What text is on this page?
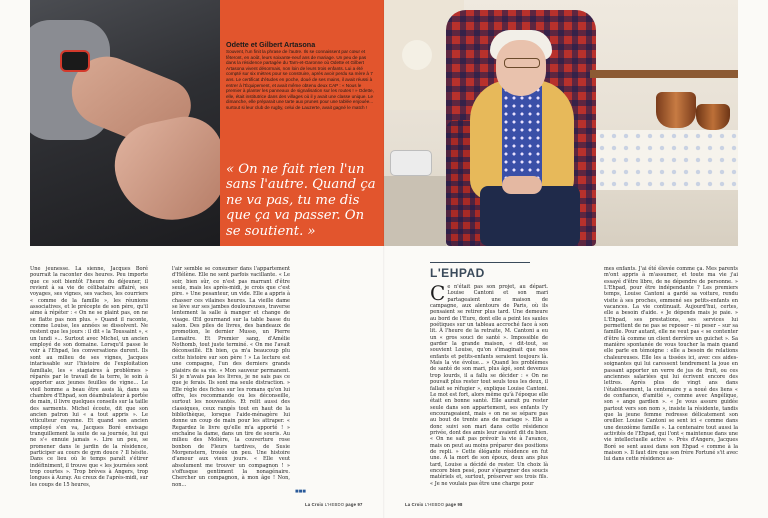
Odette et Gilbert Artasona
Souvent, l'un finit la phrase de l'autre. Ils se connaissent par cœur et fêteront, en août, leurs soixante-neuf ans de mariage. Un peu de pas dans la résidence partagée du Tarn-et-Garonne où Odette et Gilbert Artasona vivent désormais, non loin de leurs trois enfants. Lui a été compté sur six mètres pour se construire, après avoir perdu sa mère à 7 ans. Le certificat d'études en poche, doué de ses mains, il avait réussi à entrer à l'Équipement, et avait même obtenu deux CAP : « Nous le premier à planter les panneaux de signalisation sur les routes ! » Odette, elle, était institutrice dans des villages où il y avait une classe unique. Le dimanche, elle préparait une tarte aux prunes pour une tablée enjouée... surtout si leur club de rugby, celui de Lauzerte, avait gagné le match !
« On ne fait rien l'un sans l'autre. Quand ça ne va pas, tu me dis que ça va passer. On se soutient. »

Une jeunesse. La sienne, Jacques Boré pourrait la raconter des heures. Peu importe que ce soit bientôt l'heure du déjeuner, il revient à sa vie de célibataire affairé, ses voyages, ses vignes, ses vaches, les courriers « comme de la famille », les réunions associatives, et le précepte de son père, qu'il aime à répéter : « On ne se plaint pas, on ne se flatte pas non plus. » Quand il raconte, comme Louise, les années se dissolvent. Ne restent que les jours : il dit « la Toussaint », « un lundi »... Surtout avec Michel, un ancien employé de son domaine. Lorsqu'il passe le voir à l'Ehpad, les conversations durent. Ils sont au milieu de ses vignes, Jacques intarissable sur l'histoire de l'exploitation familiale, les « stagiaires à problèmes » réparés par le travail de la terre, le soin à apporter aux jeunes feuilles de vigne... Le vieil homme a beau être assis là, dans sa chambre d'Ehpad, son déambulateur à portée de main, il livre quelques conseils sur la taille des sarments. Michel écoute, dit que son ancien patron lui « a tout appris ». Le viticulteur rayonne. Et quand son ancien employé s'en va, Jacques Boré envisage tranquillement la suite de sa journée, lui qui ne s'« ennuie jamais ». Lire un peu, se promener dans le jardin de la résidence, participer au cours de gym douce ? Il hésite. Dans ce lieu où le temps paraît s'étirer indéfiniment, il trouve que « les journées sont trop courtes ». Trop brèves à Angers, trop longues à Auray. Au creux de l'après-midi, sur les coups de 15 heures,

l'air semble se consumer dans l'appartement d'Hélène. Elle ne sent parfois vacillante. « Le soir, bien sûr, ce n'est pas marrant d'être seule, mais les après-midi, je crois que c'est pire. » Une pesanteur, un vide. Elle a appris à chasser ces vilaines heures. La vieille dame se lève sur ses jambes douloureuses, traverse lentement la salle à manger et change de visage. Œil gourmand sur la table basse du salon. Des piles de livres, des bandeaux de promotion, le dernier Musso, un Pierre Lemaitre. Et Premier sang, d'Amélie Nothomb, tout juste terminé. « On me l'avait déconseillé. Eh bien, ça m'a beaucoup plu cette histoire sur son père ! » La lecture est une compagne, l'un des derniers grands plaisirs de sa vie. « Mon sauveur permanent. Si je n'avais pas les livres, je ne sais pas ce que je ferais. Ils sont ma seule distraction. » Elle règle des fiches sur les romans qu'on lui offre, les recommande ou les déconseille, surtout les nouveautés. Et relit aussi des classiques, ceux rangés tout en haut de la bibliothèque, lorsque l'aide-ménagère lui donne un coup de main pour les attraper. « Regardez le livre qu'elle m'a apporté ! » enchaîne la dame, dans un tire de souris. Au milieu des Molière, la couverture rose bonbon de Fleurs tardives, de Susie Morgenstern, trouée un peu. Une histoire d'amour aux vieux jours. « Elle veut absolument me trouver un compagnon ! » s'offusque gentiment la nonagénaire. Chercher un compagnon, à mon âge ! Non, non...

■■■
L'EHPAD
C e n'était pas son projet, au départ. Louise Cantoni et son mari partageaient une maison de campagne, aux alentours de Paris, où ils pensaient se retirer plus tard. Une demeure au bord de l'Eure, dont elle a peint les saules poétiques sur un tableau accroché face à son lit. À l'heure de la retraite, M. Cantoni a eu un « gros souci de santé ». Impossible de garder la grande maison, « dit-tout, se souvient Louise, qu'on s'imaginait que nos enfants et petits-enfants seraient toujours là. Mais la vie évolue... » Quand les problèmes de santé de son mari, plus âgé, sont devenus trop lourds, il a fallu se décider : « On ne pouvait plus rester tout seuls tous les deux, il fallait se réfugier », explique Louise Cantoni. Le mot est fort, alors même qu'à l'époque elle était en bonne santé. Elle aurait pu rester seule dans son appartement, ses enfants l'y encourageaient, mais « on ne se sépare pas au bout de trente ans de mariage ». Elle a donc suivi son mari dans cette résidence privée, dont des amis leur avaient dit du bien. « On ne sait pas prévoir la vie à l'avance, mais on peut au moins préparer des positions de repli. » Cette élégante résidence en fut une. À la mort de son époux, deux ans plus tard, Louise a décidé de rester. Un choix là encore bien pesé, pour s'épargner des soucis matériels et, surtout, préserver ses trois fils. « Je ne voulais pas être une charge pour

mes enfants. J'ai été élevée comme ça. Mes parents m'ont appris à m'assumer, et toute ma vie j'ai essayé d'être libre, de ne dépendre de personne. » L'Ehpad, pour être indépendante ? Les premiers temps, Louise Cantoni a gardé sa voiture, rendu visite à ses proches, emmené ses petits-enfants en vacances. La vie continuait. Aujourd'hui, certes, elle a besoin d'aide. « Je dépends mais je paie. » L'Ehpad, ses prestations, ses services lui permettent de ne pas se reposer – ni peser – sur sa famille. Pour autant, elle ne veut pas « se contenter d'être là comme un client derrière un guichet ». Sa manière spontanée de vous toucher la main quand elle parle en témoigne : elle a besoin de relations chaleureuses. Elle les a tissées ici, avec ces aides-soignantes qui lui caressent tendrement la joue en passant apporter un verre de jus de fruit, ou ces anciennes salariées qui lui écrivent encore des lettres. Après plus de vingt ans dans l'établissement, la centenaire y a noué des liens « de confiance, d'amitié », comme avec Angélique, son « ange gardien ». « Je vous assure guidée partout vers son nom », insiste la résidente, tandis que la jeune femme redresse délicatement son oreiller. Louise Cantoni se sent ici « comme dans une deuxième famille ». La centenaire tout aussi la activités de l'Ehpad, qui l'ont « maintenue dans une vie intellectuelle active ». Près d'Angers, Jacques Boré se sent aussi dans son Ehpad « comme à la maison ». Il faut dire que son frère Fortuné s'it avec lui dans cette résidence as-

La Croix L'HEBDO page 97	La Croix L'HEBDO page 98
